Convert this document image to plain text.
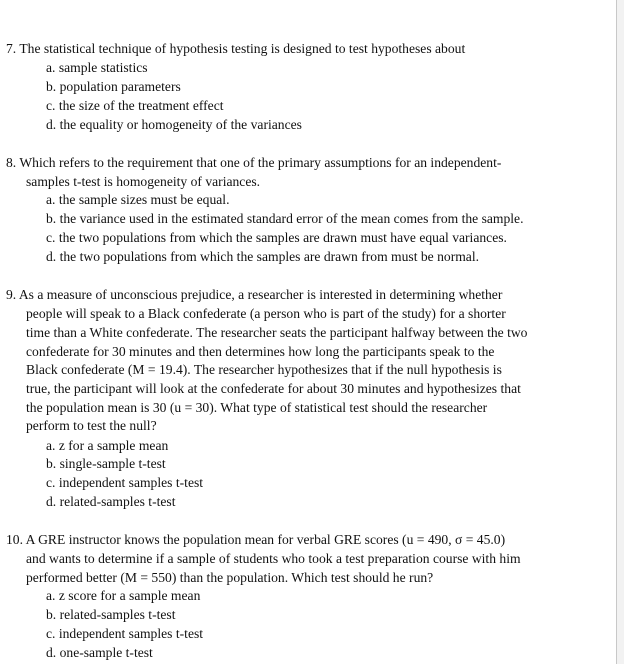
7. The statistical technique of hypothesis testing is designed to test hypotheses about
a. sample statistics
b. population parameters
c. the size of the treatment effect
d. the equality or homogeneity of the variances
8. Which refers to the requirement that one of the primary assumptions for an independent-
samples t-test is homogeneity of variances.
a. the sample sizes must be equal.
b. the variance used in the estimated standard error of the mean comes from the sample.
c. the two populations from which the samples are drawn must have equal variances.
d. the two populations from which the samples are drawn from must be normal.
9. As a measure of unconscious prejudice, a researcher is interested in determining whether
people will speak to a Black confederate (a person who is part of the study) for a shorter
time than a White confederate. The researcher seats the participant halfway between the two
confederate for 30 minutes and then determines how long the participants speak to the
Black confederate (M = 19.4). The researcher hypothesizes that if the null hypothesis is
true, the participant will look at the confederate for about 30 minutes and hypothesizes that
the population mean is 30 (u = 30). What type of statistical test should the researcher
perform to test the null?
a. z for a sample mean
b. single-sample t-test
c. independent samples t-test
d. related-samples t-test
10. A GRE instructor knows the population mean for verbal GRE scores (u = 490, σ = 45.0)
and wants to determine if a sample of students who took a test preparation course with him
performed better (M = 550) than the population. Which test should he run?
a. z score for a sample mean
b. related-samples t-test
c. independent samples t-test
d. one-sample t-test
